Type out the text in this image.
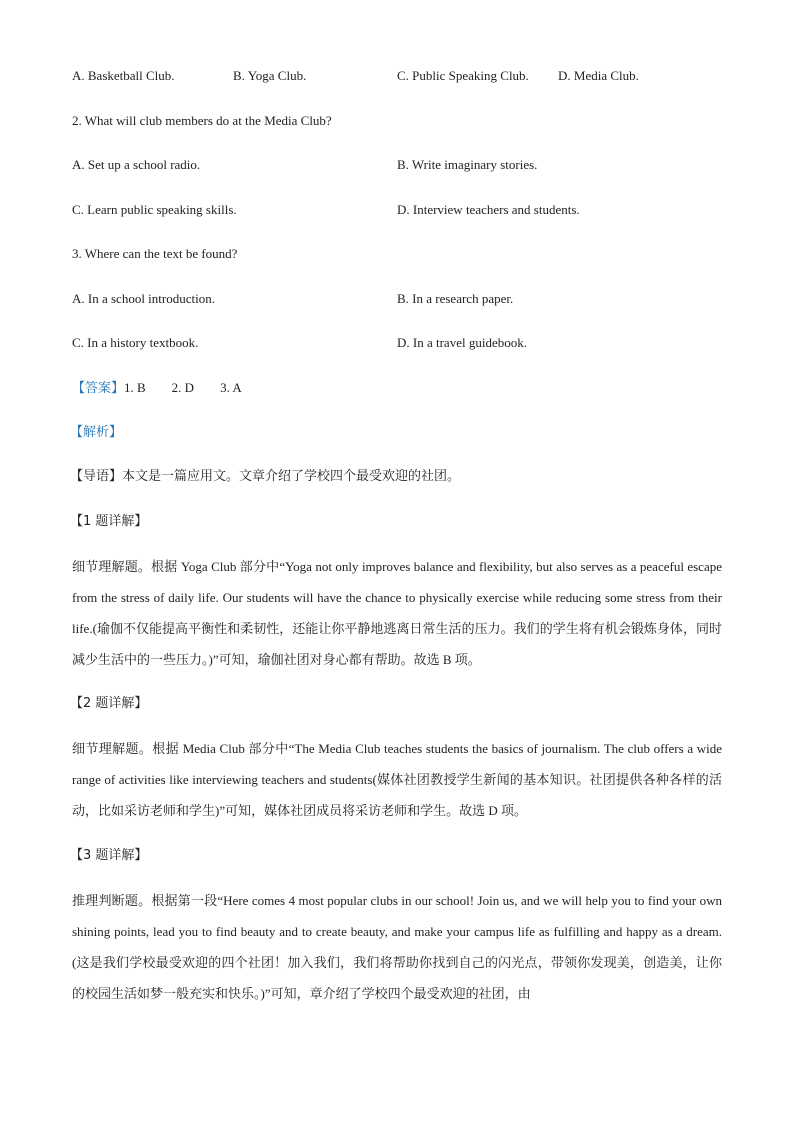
A. Basketball Club.	B. Yoga Club.	C. Public Speaking Club. D. Media Club.
2. What will club members do at the Media Club?
A. Set up a school radio.	B. Write imaginary stories.
C. Learn public speaking skills.	D. Interview teachers and students.
3. Where can the text be found?
A. In a school introduction.	B. In a research paper.
C. In a history textbook.	D. In a travel guidebook.
【答案】1. B        2. D        3. A
【解析】
【导语】本文是一篇应用文。文章介绍了学校四个最受欢迎的社团。
【1 题详解】
细节理解题。根据 Yoga Club 部分中“Yoga not only improves balance and flexibility, but also serves as a peaceful escape from the stress of daily life. Our students will have the chance to physically exercise while reducing some stress from their life.(瑜伽不仅能提高平衡性和柔韧性，还能让你平静地逃离日常生活的压力。我们的学生将有机会锻炼身体，同时减少生活中的一些压力。)”可知，瑜伽社团对身心都有帮助。故选 B 项。
【2 题详解】
细节理解题。根据 Media Club 部分中“The Media Club teaches students the basics of journalism. The club offers a wide range of activities like interviewing teachers and students(媒体社团教授学生新闻的基本知识。社团提供各种各样的活动，比如采访老师和学生)”可知，媒体社团成员将采访老师和学生。故选 D 项。
【3 题详解】
推理判断题。根据第一段“Here comes 4 most popular clubs in our school! Join us, and we will help you to find your own shining points, lead you to find beauty and to create beauty, and make your campus life as fulfilling and happy as a dream.(这是我们学校最受欢迎的四个社团！加入我们，我们将帮助你找到自己的闪光点，带领你发现美，创造美，让你的校园生活如梦一般充实和快乐。)”可知，章介绍了学校四个最受欢迎的社团，由
